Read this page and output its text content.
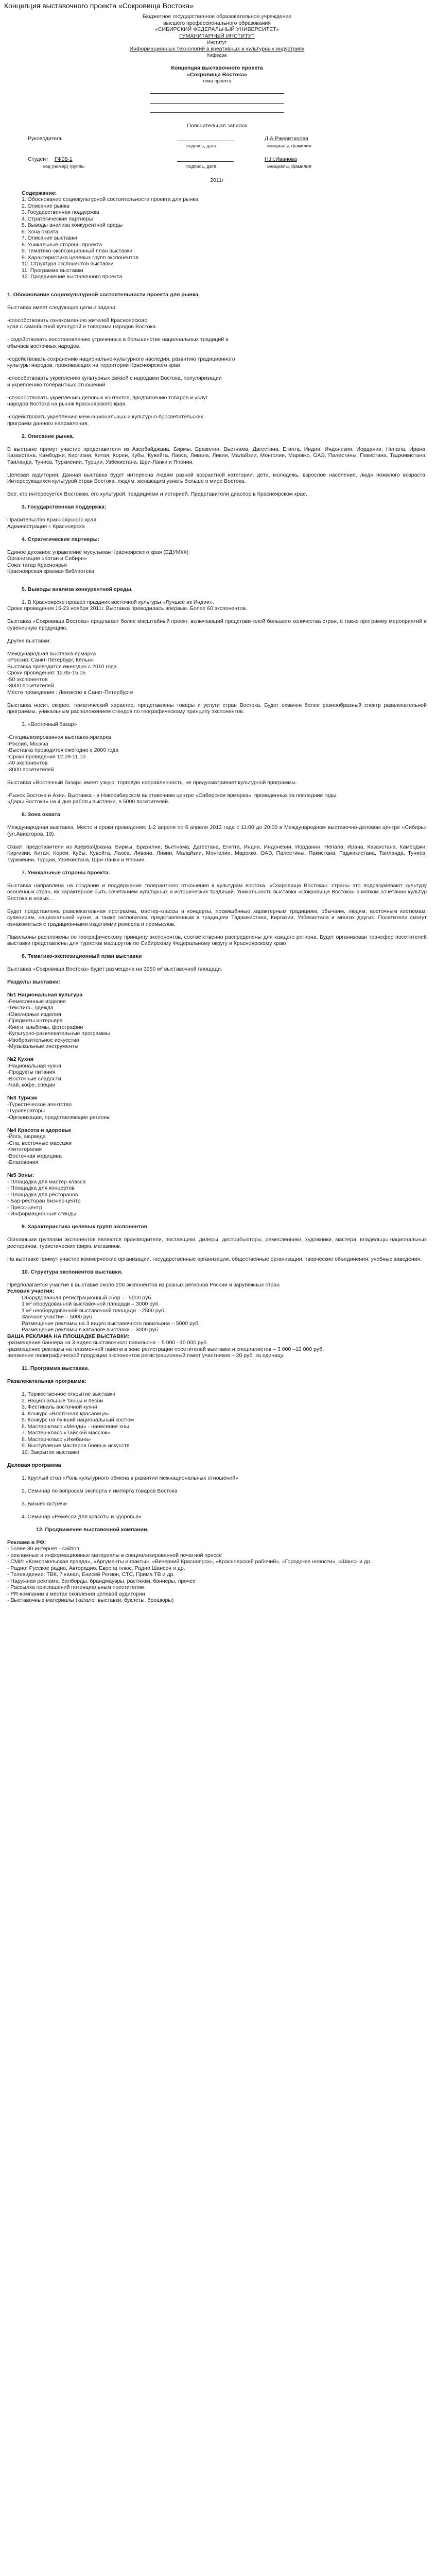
Концепция выставочного проекта «Сокровища Востока»
Бюджетное государственное образовательное учреждение
высшего профессионального образования
«СИБИРСКИЙ ФЕДЕРАЛЬНЫЙ УНИВЕРСИТЕТ»
ГУМАНИТАРНЫЙ ИНСТИТУТ
Институт
Информационных технологий в креативных и культурных индустриях
Кафедра
Концепция выставочного проекта
«Сокровища Востока»
тема проекта
Пояснительная записка
Руководитель	Д.А.Ржевитинова
подпись, дата	инициалы, фамилия
Студент ГФ08-1	Н.Н.Иванова
код (номер) группы	подпись, дата	инициалы, фамилия
2011г
Содержание:
1. Обоснование социокультурной состоятельности проекта для рынка
2. Описание рынка
3. Государственная поддержка
4. Стратегические партнеры
5. Выводы анализа конкурентной среды
6. Зона охвата
7. Описание выставки
8. Уникальные стороны проекта
9. Тематико-экспозиционный план выставки
9. Характеристика целевых групп экспонентов
10. Структура экспонентов выставки
11. Программа выставки
12. Продвижение выставочного проекта
1. Обоснование социокультурной состоятельности проекта для рынка.
Выставка имеет следующие цели и задачи:
-способствовать ознакомлению жителей Красноярского
края с самобытной культурой и товарами народов Востока.
- содействовать восстановлению утраченных в большинстве национальных традиций и
обычаев восточных народов.
-содействовать сохранению национально-культурного наследия, развитию традиционного
культуры народов, проживающих на территории Красноярского края
-способствовать укреплению культурных связей с народами Востока, популяризации
и укреплению толерантных отношений
-способствовать укреплению деловых контактов, продвижению товаров и услуг
народов Востока на рынок Красноярского края.
-содействовать укреплению межнациональных и культурно-просветительских
программ данного направления.
2. Описание рынка.
В выставке примут участие представители из Азербайджана, Бирмы, Бразилии, Вьетнама, Дагестана, Египта, Индии, Индонезии, Иордании, Непала, Ирана, Казахстана, Камбоджи, Киргизии, Китая, Кореи, Кубы, Кувейта, Лаоса, Ливана, Ливии, Малайзии, Монголии, Марокко, ОАЭ, Палестины, Пакистана, Таджикистана, Таиланда, Туниса, Туркмении, Турции, Узбекистана, Шри-Ланки и Японии.
Целевая аудитория: Данная выставка будет интересна людям разной возрастной категории: дети, молодежь, взрослое население, люди пожилого возраста. Интересующихся культурой стран Востока, людям, желающим узнать больше о мире Востока.
Все, кто интересуется Востоком, его культурой, традициями и историей. Представители диаспор в Красноярском крае.
3. Государственная поддержка:
Правительство Красноярского края
Администрация г. Красноярска
4. Стратегические партнеры:
Единое духовное управление мусульман Красноярского края (ЕДУМКК)
Организация «Котан и Сибири»
Союз татар Красноярья
Красноярская краевая библиотека
5. Выводы анализа конкурентной среды.
1. В Красноярске прошел праздник восточной культуры «Лучшее из Индии».
Сроки проведения 15-23 ноября 2011г. Выставка проводилась впервые. Более 60 экспонентов.
Выставка «Сокровища Востока» предлагает более масштабный проект, включающий представителей большего количества стран, а также программу мероприятий и сувенирную продукцию.
Другие выставки:
Международная выставка-ярмарка
«Россия: Санкт-Петербург, Кёльн»
Выставка проводится ежегодно с 2010 года.
Сроки проведения: 12.05-15.05
-50 экспонентов
-3000 посетителей
Место проведения : Ленэкспо в Санкт-Петербурге
Выставка носит, скорее, тематический характер, представлены товары и услуги стран Востока. Будет охвачен более разнообразный спектр развлекательной программы, уникальным расположением стендов по географическому принципу экспонентов.
3. «Восточный базар»
-Специализированная выставка-ярмарка
-Россия, Москва
-Выставка проводится ежегодно с 2000 года
-Сроки проведения 12.09-11.10
-40 экспонентов
-3000 посетителей
Выставка «Восточный базар» имеет узкую, торговую направленность, не предусматривает культурной программы.
-Рынок Востока и Азии. Выставка - в Новосибирском выставочном центре «Сибирская ярмарка», проведенных за последние годы.
«Дары Востока» на 4 дня работы выставки, в 5000 посетителей.
6. Зона охвата
Международная выставка. Место и сроки проведения: 1-2 апреля по 6 апреля 2012 года с 11:00 до 20:00 в Международном выставочно-деловом центре «Сибирь» (ул.Авиаторов, 19).
Охват: представители из Азербайджана, Бирмы, Бразилии, Вьетнама, Дагестана, Египта, Индии, Индонезии, Иордании, Непала, Ирана, Казахстана, Камбоджи, Киргизии, Китая, Кореи, Кубы, Кувейта, Лаоса, Ливана, Ливии, Малайзии, Монголии, Марокко, ОАЭ, Палестины, Пакистана, Таджикистана, Таиланда, Туниса, Туркмении, Турции, Узбекистана, Шри-Ланки и Японии.
7. Уникальные стороны проекта.
Выставка направлена на создание и поддержание толерантного отношения к культурам востока. «Сокровища Востока»: страны это подразумевают культуру особенных стран, их характерное быть сочетанием культурных и исторических традиций. Уникальность выставки «Сокровища Востока» в мягком сочетании культур Востока и новых...
Будет представлена развлекательная программа, мастер-классы и концерты, посвящённые характерным традициям, обычаям, людям, восточным костюмам, сувенирам, национальной кухне, а также экспонатам, представленным в традициях Таджикистана, Киргизии, Узбекистана и многих других. Посетители смогут ознакомиться с традиционными изделиями ремесла и промыслов.
Павильоны распложены по географическому принципу экспонентов, соответственно распределены для каждого региона. Будет организован трансфер посетителей выставки представлены для туристов маршрутов по Сибирскому Федеральному округу и Красноярскому краю
8. Тематико-экспозиционный план выставки
Выставка «Сокровища Востока» будет размещена на 3250 м² выставочной площади.
Разделы выставки:
№1 Национальная культура
-Ремесленные изделия
-Текстиль, одежда
-Ювелирные изделия
-Предметы интерьера
-Книги, альбомы, фотографии
-Культурно-развлекательные программы
-Изобразительное искусство
-Музыкальные инструменты
№2 Кухня
-Национальная кухня
-Продукты питания
-Восточные сладости
-Чай, кофе, специи
№3 Туризм
-Туристическое агентство
-Туроператоры
-Организации, представляющие регионы
№4 Красота и здоровье
-Йога, аюрведа
-Спа, восточные массажи
-Фитотерапия
-Восточная медицина
-Благовония
№5 Зоны:
- Площадка для мастер-класса
- Площадка для концертов
- Площадка для ресторанов
- Бар-ресторан Бизнес-центр
- Пресс-центр
- Информационные стенды
9. Характеристика целевых групп экспонентов
Основными группами экспонентов являются производители, поставщики, дилеры, дистрибьюторы, ремесленники, художники, мастера, владельцы национальных ресторанов, туристических фирм, магазинов.
На выставке примут участие коммерческие организации, государственные организации, общественные организации, творческие объединения, учебные заведения.
10. Структура экспонентов выставки.
Предполагается участие в выставке около 200 экспонентов из разных регионов России и зарубежных стран
Условия участия:
Оборудованная регистрационный сбор — 5000 руб.
1 м² оборудованной выставочной площади – 3000 руб.
1 м² необорудованной выставочной площади – 2500 руб.
Заочное участие – 5000 руб.
Размещение рекламы на 3 видео выставочного павильона – 5000 руб.
Размещение рекламы в каталоге выставки – 3000 руб.
ВАША РЕКЛАМА НА ПЛОЩАДКЕ ВЫСТАВКИ:
-размещение баннера на 3 видео выставочного павильона – 5 000 –10 000 руб.
-размещение рекламы на плазменной панели в зоне регистрации посетителей выставки и специалистов – 3 000 –12 000 руб.
-вложение полиграфической продукции экспонентов регистрационный пакет участников – 20 руб. за единицу.
11. Программа выставки.
Развлекательная программа:
1. Торжественное открытие выставки
2. Национальные танцы и песни
3. Фестиваль восточной кухни
4. Конкурс «Восточная красавица»
5. Конкурс на лучший национальный костюм
6. Мастер-класс «Менди» - нанесение хны
7. Мастер-класс «Тайский массаж»
8. Мастер-класс «Икебана»
9. Выступление мастеров боевых искусств
10. Закрытие выставки
Деловая программа
1. Круглый стол «Роль культурного обмена в развитии межнациональных отношений»
2. Семинар по вопросам экспорта и импорта товаров Востока
3. Бизнес-встречи
4. Семинар «Ремесла для красоты и здоровья»
12. Продвижение выставочной компании.
Реклама в РФ:
- более 30 интернет - сайтов
- рекламные и информационные материалы в специализированной печатной прессе
- СМИ: «Комсомольская правда», «Аргументы и факты», «Вечерний Красноярск», «Красноярский рабочий», «Городские новости», «Шанс» и др.
- Радио: Русское радио, Авторадио, Европа плюс, Радио Шансон и др.
- Телевидение: ТВК, 7 канал, Енисей Регион, СТС, Прима ТВ и др.
- Наружная реклама: билборды, брандмауэры, растяжки, баннеры, прочее
- Рассылка приглашений потенциальным посетителям
- PR-компании в местах скопления целевой аудитории
- Выставочные материалы (каталог выставки, буклеты, брошюры)
